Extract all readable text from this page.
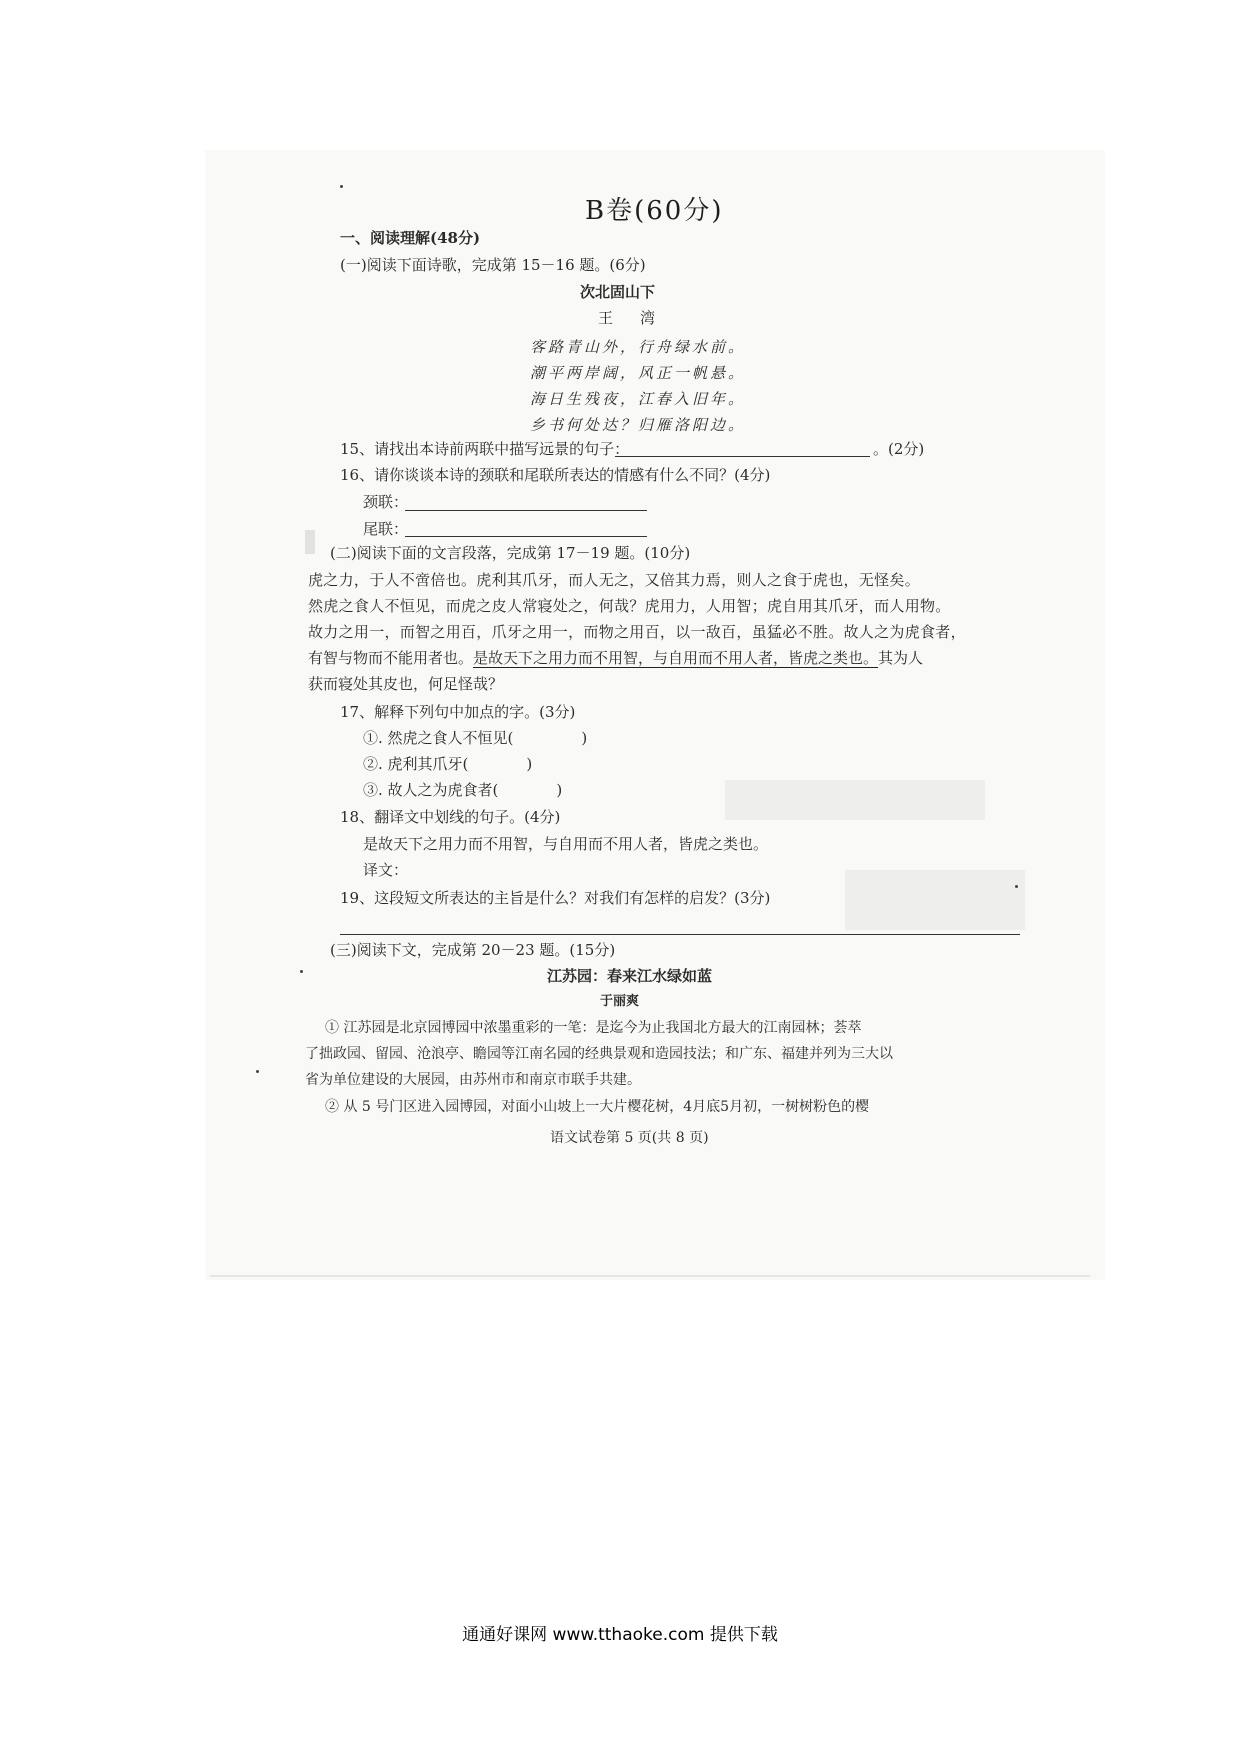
B卷(60分)
一、阅读理解(48分)
(一)阅读下面诗歌，完成第 15－16 题。(6分)
次北固山下
王　湾
客路青山外，行舟绿水前。
潮平两岸阔，风正一帆悬。
海日生残夜，江春入旧年。
乡书何处达？归雁洛阳边。
15、请找出本诗前两联中描写远景的句子：	。(2分)
16、请你谈谈本诗的颈联和尾联所表达的情感有什么不同？(4分)
颈联：
尾联：
(二)阅读下面的文言段落，完成第 17－19 题。(10分)
虎之力，于人不啻倍也。虎利其爪牙，而人无之，又倍其力焉，则人之食于虎也，无怪矣。
然虎之食人不恒见，而虎之皮人常寝处之，何哉？虎用力，人用智；虎自用其爪牙，而人用物。
故力之用一，而智之用百，爪牙之用一，而物之用百，以一敌百，虽猛必不胜。故人之为虎食者，
有智与物而不能用者也。是故天下之用力而不用智，与自用而不用人者，皆虎之类也。其为人
获而寝处其皮也，何足怪哉？
17、解释下列句中加点的字。(3分)
①. 然虎之食人不恒见(	)
②. 虎利其爪牙(	)
③. 故人之为虎食者(	)
18、翻译文中划线的句子。(4分)
是故天下之用力而不用智，与自用而不用人者，皆虎之类也。
译文：
19、这段短文所表达的主旨是什么？对我们有怎样的启发？(3分)
(三)阅读下文，完成第 20－23 题。(15分)
江苏园：春来江水绿如蓝
于丽爽
① 江苏园是北京园博园中浓墨重彩的一笔：是迄今为止我国北方最大的江南园林；荟萃
了拙政园、留园、沧浪亭、瞻园等江南名园的经典景观和造园技法；和广东、福建并列为三大以
省为单位建设的大展园，由苏州市和南京市联手共建。
② 从 5 号门区进入园博园，对面小山坡上一大片樱花树，4月底5月初，一树树粉色的樱
语文试卷第 5 页(共 8 页)
通通好课网 www.tthaoke.com 提供下载
